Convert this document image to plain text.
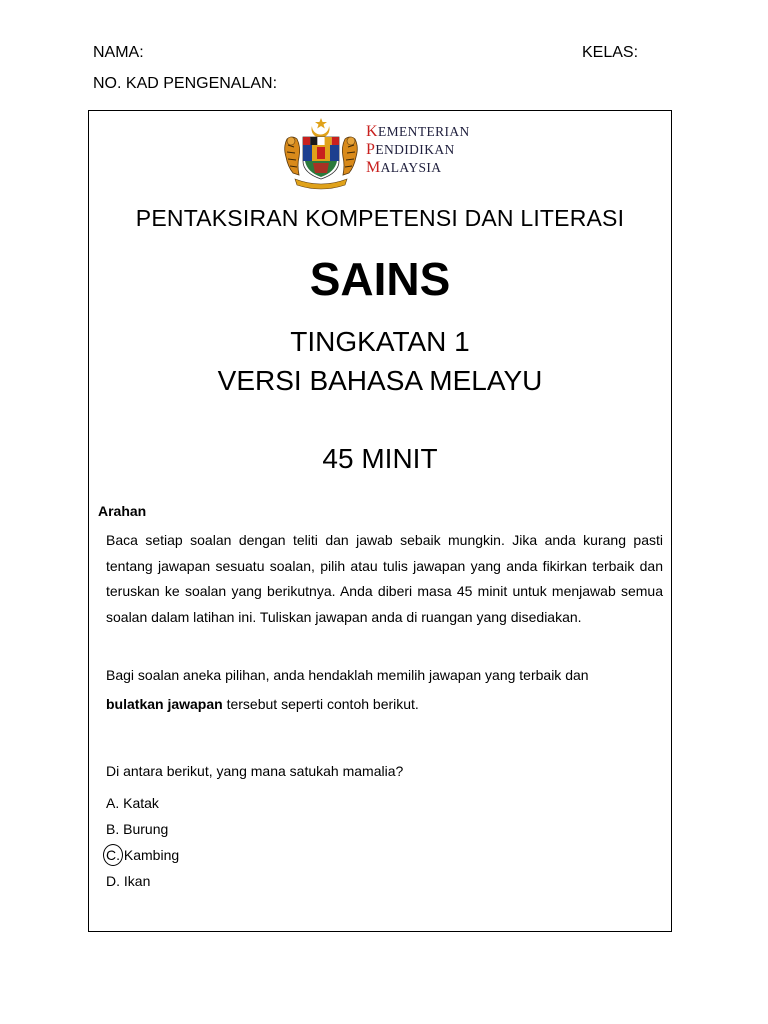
NAMA:	KELAS:
NO. KAD PENGENALAN:
KEMENTERIAN
PENDIDIKAN
MALAYSIA
PENTAKSIRAN KOMPETENSI DAN LITERASI
SAINS
TINGKATAN 1
VERSI BAHASA MELAYU
45 MINIT
Arahan
Baca setiap soalan dengan teliti dan jawab sebaik mungkin. Jika anda kurang pasti tentang jawapan sesuatu soalan, pilih atau tulis jawapan yang anda fikirkan terbaik dan teruskan ke soalan yang berikutnya. Anda diberi masa 45 minit untuk menjawab semua soalan dalam latihan ini. Tuliskan jawapan anda di ruangan yang disediakan.
Bagi soalan aneka pilihan, anda hendaklah memilih jawapan yang terbaik dan
bulatkan jawapan tersebut seperti contoh berikut.
Di antara berikut, yang mana satukah mamalia?
A. Katak
B. Burung
C. Kambing
D. Ikan
